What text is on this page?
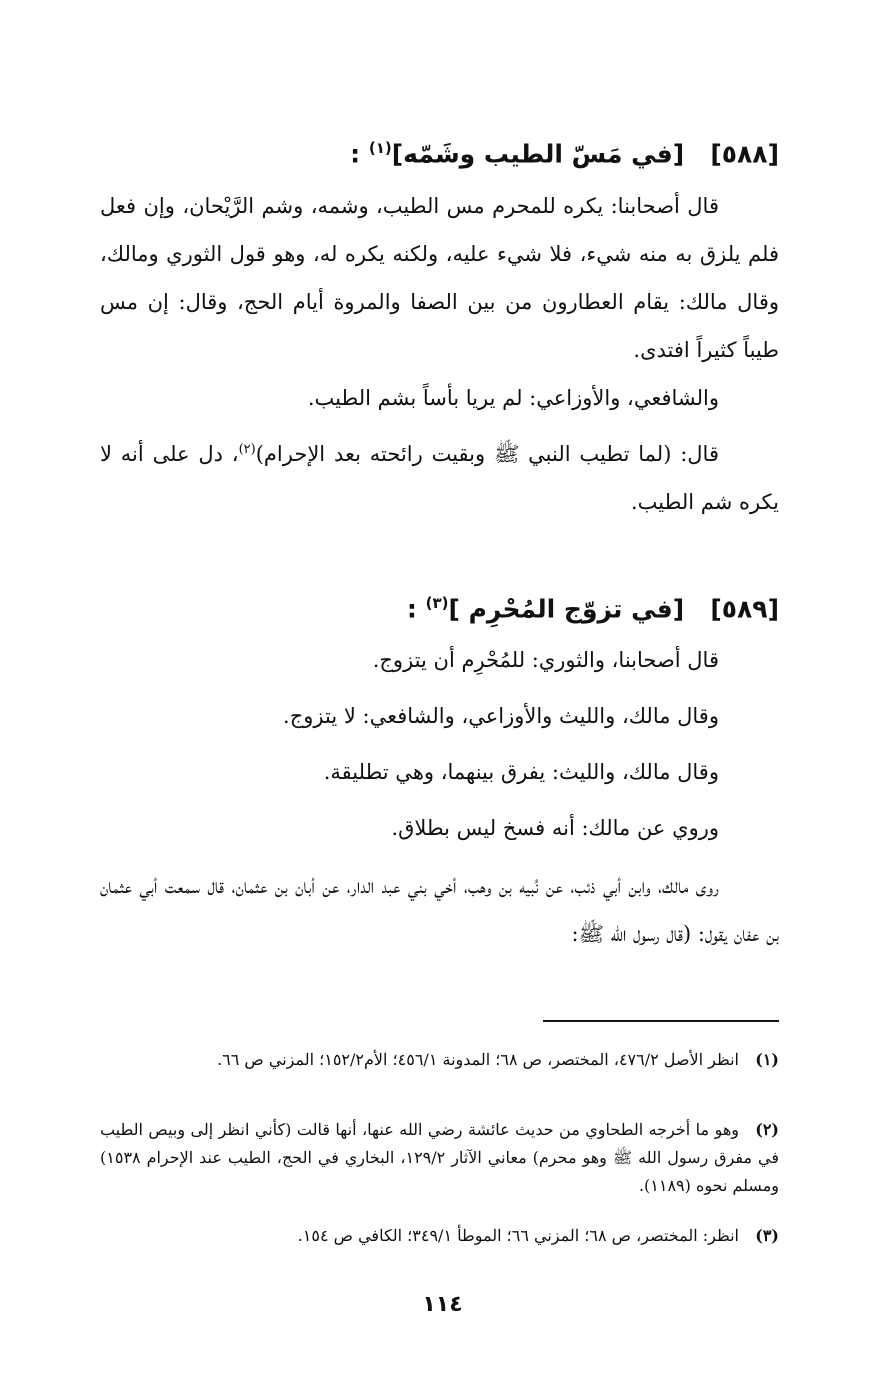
[٥٨٨]   [في مَسّ الطيب وشَمّه]$^{(١)}$ :

قال أصحابنا: يكره للمحرم مس الطيب، وشمه، وشم الرَّيْحان، وإن فعل فلم يلزق به منه شيء، فلا شيء عليه، ولكنه يكره له، وهو قول الثوري ومالك، وقال مالك: يقام العطارون من بين الصفا والمروة أيام الحج، وقال: إن مس طيباً كثيراً افتدى.

والشافعي، والأوزاعي: لم يريا بأساً بشم الطيب.

قال: (لما تطيب النبي ﷺ وبقيت رائحته بعد الإحرام)$^{(٢)}$، دل على أنه لا يكره شم الطيب.

[٥٨٩]   [في تزوّج المُحْرِم ]$^{(٣)}$ :

قال أصحابنا، والثوري: للمُحْرِم أن يتزوج.

وقال مالك، والليث والأوزاعي، والشافعي: لا يتزوج.

وقال مالك، والليث: يفرق بينهما، وهي تطليقة.

وروي عن مالك: أنه فسخ ليس بطلاق.

روى مالك، وابن أبي ذئب، عن نُبيه بن وهب، أخي بني عبد الدار، عن أبان بن عثمان، قال سمعت أبي عثمان بن عفان يقول: (قال رسول الله ﷺ:

(١)انظر الأصل ٤٧٦/٢، المختصر، ص ٦٨؛ المدونة ٤٥٦/١؛ الأم١٥٢/٢؛ المزني ص ٦٦.
(٢)وهو ما أخرجه الطحاوي من حديث عائشة رضي الله عنها، أنها قالت (كأني انظر إلى وبيص الطيب في مفرق رسول الله ﷺ وهو محرم) معاني الآثار ١٢٩/٢، البخاري في الحج، الطيب عند الإحرام ١٥٣٨) ومسلم نحوه (١١٨٩).
(٣)انظر: المختصر، ص ٦٨؛ المزني ٦٦؛ الموطأ ٣٤٩/١؛ الكافي ص ١٥٤.
١١٤
